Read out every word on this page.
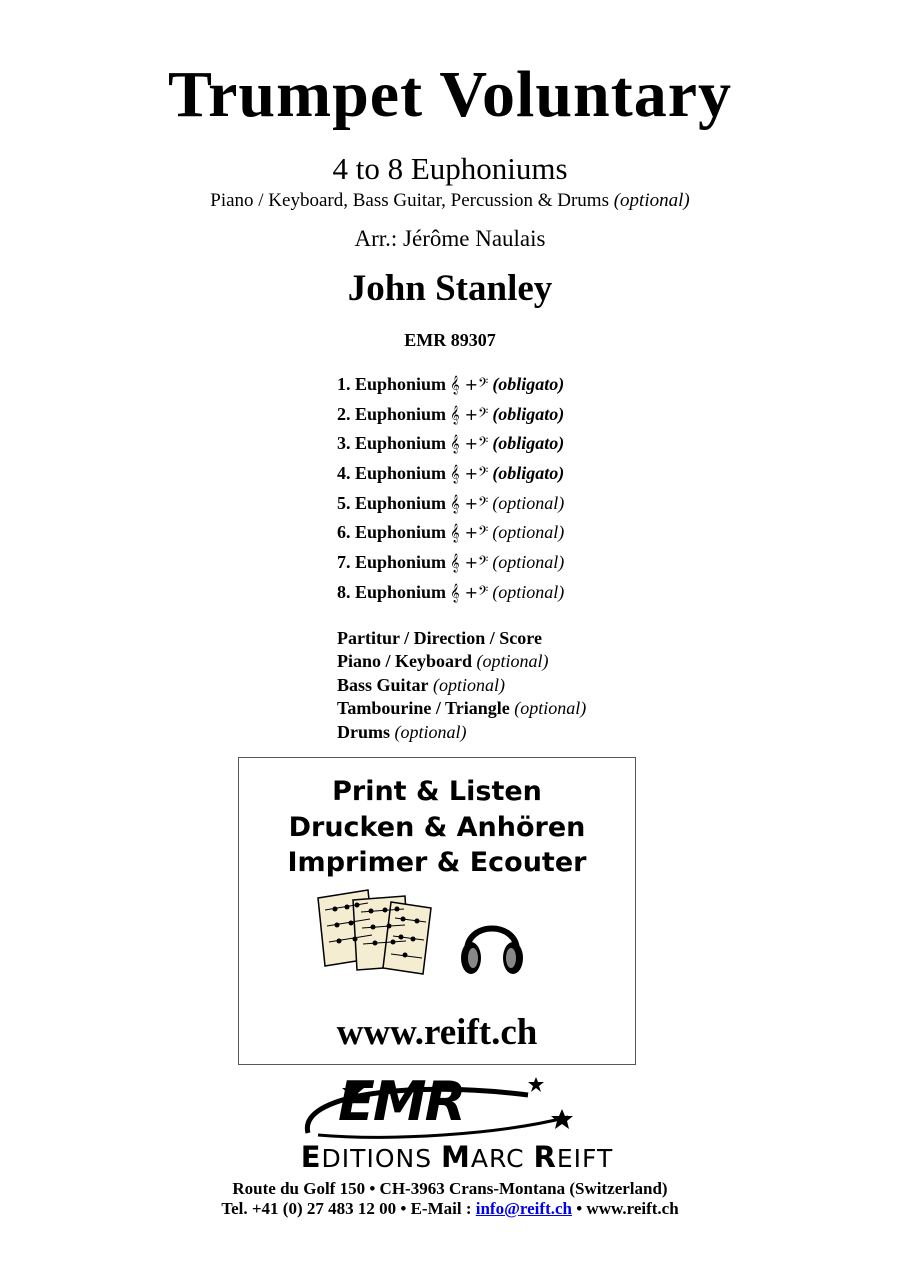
Trumpet Voluntary
4 to 8 Euphoniums
Piano / Keyboard, Bass Guitar, Percussion & Drums (optional)
Arr.: Jérôme Naulais
John Stanley
EMR 89307
1. Euphonium 𝄞 +𝄢 (obligato)
2. Euphonium 𝄞 +𝄢 (obligato)
3. Euphonium 𝄞 +𝄢 (obligato)
4. Euphonium 𝄞 +𝄢 (obligato)
5. Euphonium 𝄞 +𝄢 (optional)
6. Euphonium 𝄞 +𝄢 (optional)
7. Euphonium 𝄞 +𝄢 (optional)
8. Euphonium 𝄞 +𝄢 (optional)
Partitur / Direction / Score
Piano / Keyboard (optional)
Bass Guitar (optional)
Tambourine / Triangle (optional)
Drums (optional)
Print & Listen
Drucken & Anhören
Imprimer & Ecouter
www.reift.ch
EMR
EDITIONS MARC REIFT
Route du Golf 150 • CH-3963 Crans-Montana (Switzerland)
Tel. +41 (0) 27 483 12 00 • E-Mail : info@reift.ch • www.reift.ch
